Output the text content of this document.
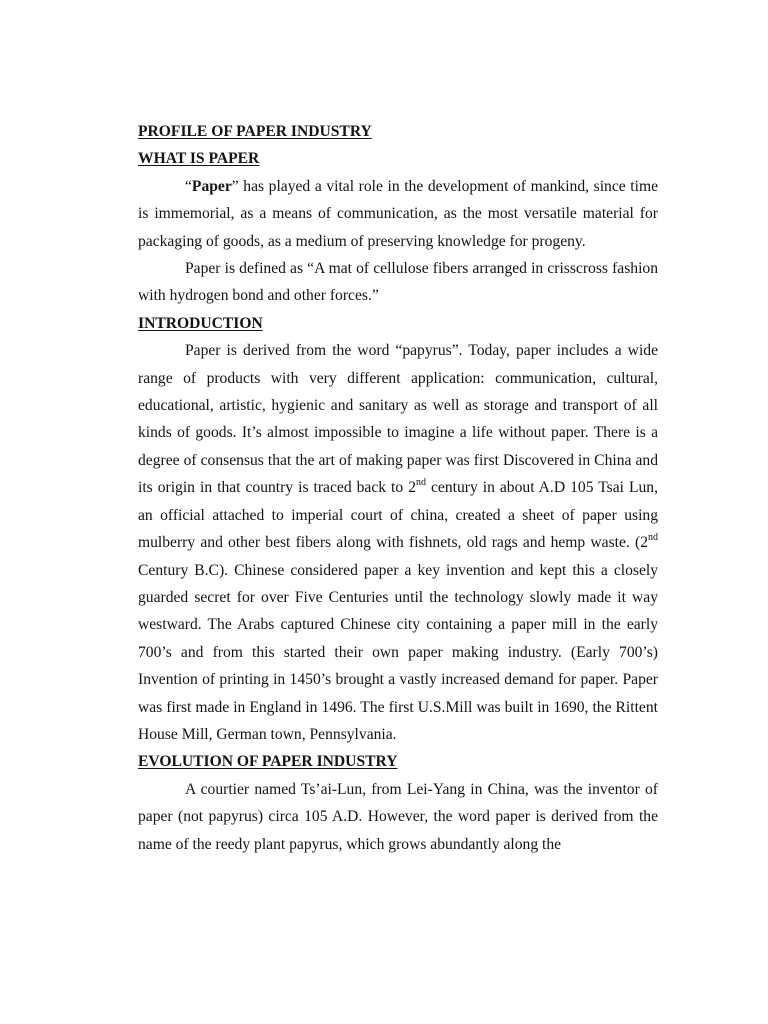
PROFILE OF PAPER INDUSTRY

WHAT IS PAPER

“Paper” has played a vital role in the development of mankind, since time is immemorial, as a means of communication, as the most versatile material for packaging of goods, as a medium of preserving knowledge for progeny.

Paper is defined as “A mat of cellulose fibers arranged in crisscross fashion with hydrogen bond and other forces.”

INTRODUCTION

Paper is derived from the word “papyrus”. Today, paper includes a wide range of products with very different application: communication, cultural, educational, artistic, hygienic and sanitary as well as storage and transport of all kinds of goods. It’s almost impossible to imagine a life without paper. There is a degree of consensus that the art of making paper was first Discovered in China and its origin in that country is traced back to 2nd century in about A.D 105 Tsai Lun, an official attached to imperial court of china, created a sheet of paper using mulberry and other best fibers along with fishnets, old rags and hemp waste. (2nd Century B.C). Chinese considered paper a key invention and kept this a closely guarded secret for over Five Centuries until the technology slowly made it way westward. The Arabs captured Chinese city containing a paper mill in the early 700’s and from this started their own paper making industry. (Early 700’s) Invention of printing in 1450’s brought a vastly increased demand for paper. Paper was first made in England in 1496. The first U.S.Mill was built in 1690, the Rittent House Mill, German town, Pennsylvania.

EVOLUTION OF PAPER INDUSTRY

A courtier named Ts’ai-Lun, from Lei-Yang in China, was the inventor of paper (not papyrus) circa 105 A.D. However, the word paper is derived from the name of the reedy plant papyrus, which grows abundantly along the
